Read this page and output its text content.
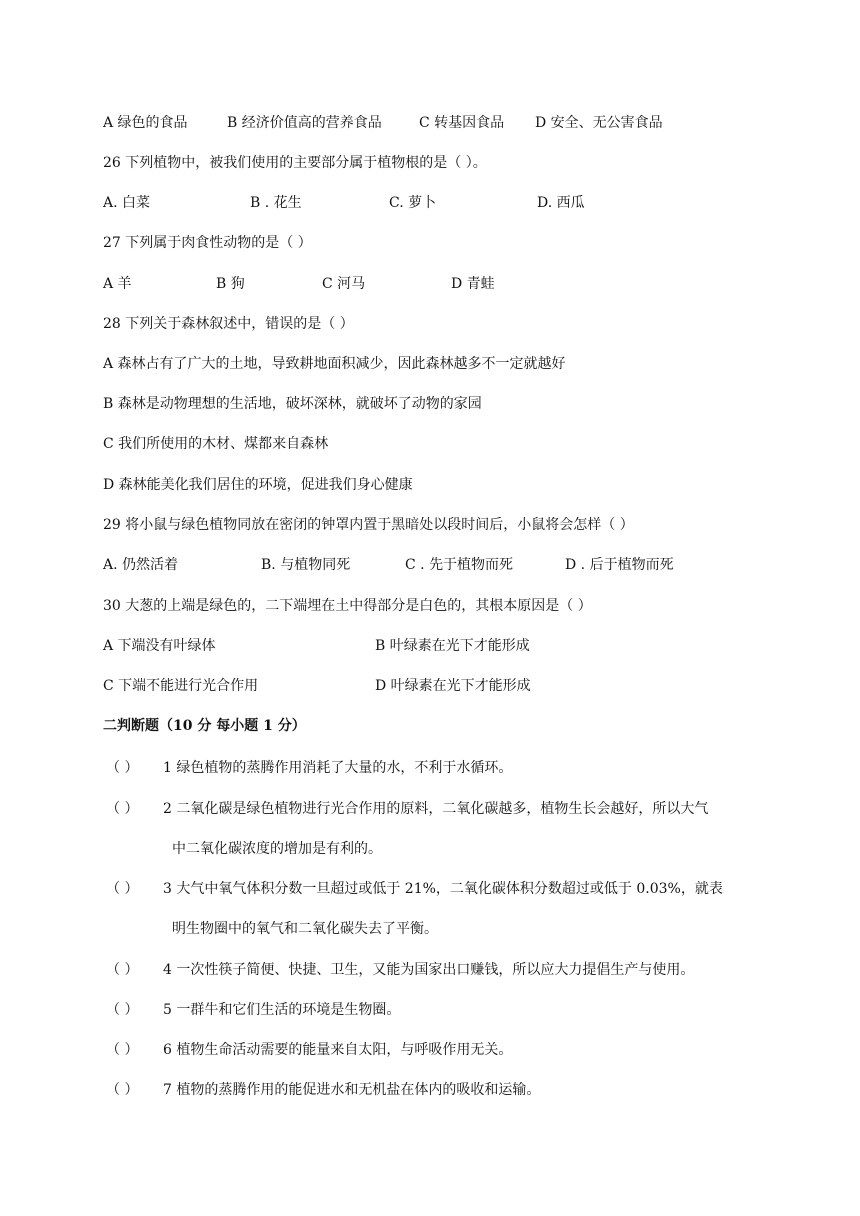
A 绿色的食品	B 经济价值高的营养食品	C 转基因食品 D 安全、无公害食品
26 下列植物中，被我们使用的主要部分属于植物根的是（ ）。
A. 白菜	B . 花生	C. 萝卜	D. 西瓜
27 下列属于肉食性动物的是（ ）
A 羊	B 狗	C 河马	D 青蛙
28 下列关于森林叙述中，错误的是（ ）
A 森林占有了广大的土地，导致耕地面积减少，因此森林越多不一定就越好
B 森林是动物理想的生活地，破坏深林，就破坏了动物的家园
C 我们所使用的木材、煤都来自森林
D 森林能美化我们居住的环境，促进我们身心健康
29 将小鼠与绿色植物同放在密闭的钟罩内置于黑暗处以段时间后，小鼠将会怎样（ ）
A. 仍然活着	B. 与植物同死	C . 先于植物而死	D . 后于植物而死
30 大葱的上端是绿色的，二下端埋在土中得部分是白色的，其根本原因是（ ）
A 下端没有叶绿体	B 叶绿素在光下才能形成
C 下端不能进行光合作用	D 叶绿素在光下才能形成
二判断题（10 分 每小题 1 分）
（ ） 1 绿色植物的蒸腾作用消耗了大量的水，不利于水循环。
（ ） 2 二氧化碳是绿色植物进行光合作用的原料，二氧化碳越多，植物生长会越好，所以大气
中二氧化碳浓度的增加是有利的。
（ ） 3 大气中氧气体积分数一旦超过或低于 21%，二氧化碳体积分数超过或低于 0.03%，就表
明生物圈中的氧气和二氧化碳失去了平衡。
（ ） 4 一次性筷子简便、快捷、卫生，又能为国家出口赚钱，所以应大力提倡生产与使用。
（ ） 5 一群牛和它们生活的环境是生物圈。
（ ） 6 植物生命活动需要的能量来自太阳，与呼吸作用无关。
（ ） 7 植物的蒸腾作用的能促进水和无机盐在体内的吸收和运输。
